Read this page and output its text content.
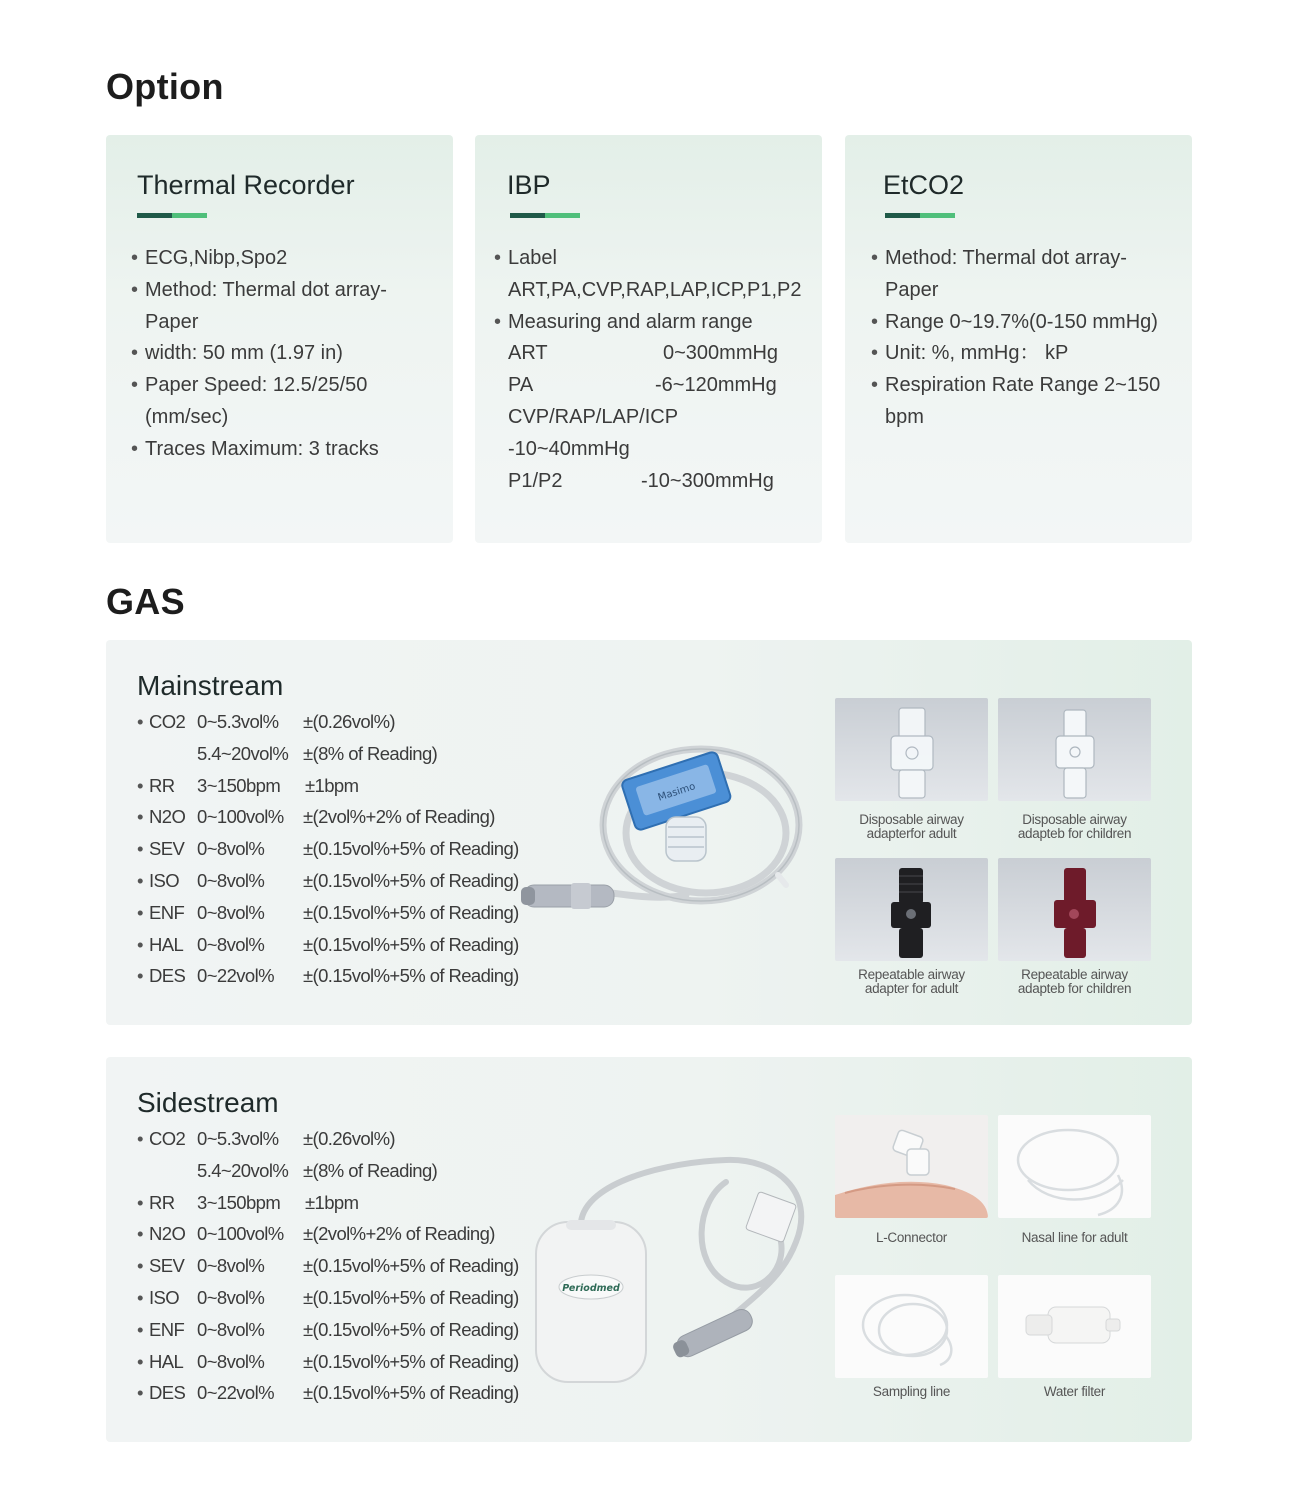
Option
Thermal Recorder
• ECG,Nibp,Spo2
• Method: Thermal dot array-
Paper
• width: 50 mm (1.97 in)
• Paper Speed: 12.5/25/50
(mm/sec)
• Traces Maximum: 3 tracks
IBP
• Label
ART,PA,CVP,RAP,LAP,ICP,P1,P2
• Measuring and alarm range
ART	0~300mmHg
PA	-6~120mmHg
CVP/RAP/LAP/ICP
-10~40mmHg
P1/P2	-10~300mmHg
EtCO2
• Method: Thermal dot array-
Paper
• Range 0~19.7%(0-150 mmHg)
• Unit: %, mmHg： kP
• Respiration Rate Range 2~150
bpm
GAS
Mainstream
• CO2 0~5.3vol% ±(0.26vol%)
5.4~20vol% ±(8% of Reading)
• RR 3~150bpm ±1bpm
• N2O 0~100vol% ±(2vol%+2% of Reading)
• SEV 0~8vol% ±(0.15vol%+5% of Reading)
• ISO 0~8vol% ±(0.15vol%+5% of Reading)
• ENF 0~8vol% ±(0.15vol%+5% of Reading)
• HAL 0~8vol% ±(0.15vol%+5% of Reading)
• DES 0~22vol% ±(0.15vol%+5% of Reading)
Masimo
Disposable airway
adapterfor adult
Disposable airway
adapteb for children
Repeatable airway
adapter for adult
Repeatable airway
adapteb for children
Sidestream
• CO2 0~5.3vol% ±(0.26vol%)
5.4~20vol% ±(8% of Reading)
• RR 3~150bpm ±1bpm
• N2O 0~100vol% ±(2vol%+2% of Reading)
• SEV 0~8vol% ±(0.15vol%+5% of Reading)
• ISO 0~8vol% ±(0.15vol%+5% of Reading)
• ENF 0~8vol% ±(0.15vol%+5% of Reading)
• HAL 0~8vol% ±(0.15vol%+5% of Reading)
• DES 0~22vol% ±(0.15vol%+5% of Reading)
Periodmed
L-Connector	Nasal line for adult
Sampling line	Water filter
